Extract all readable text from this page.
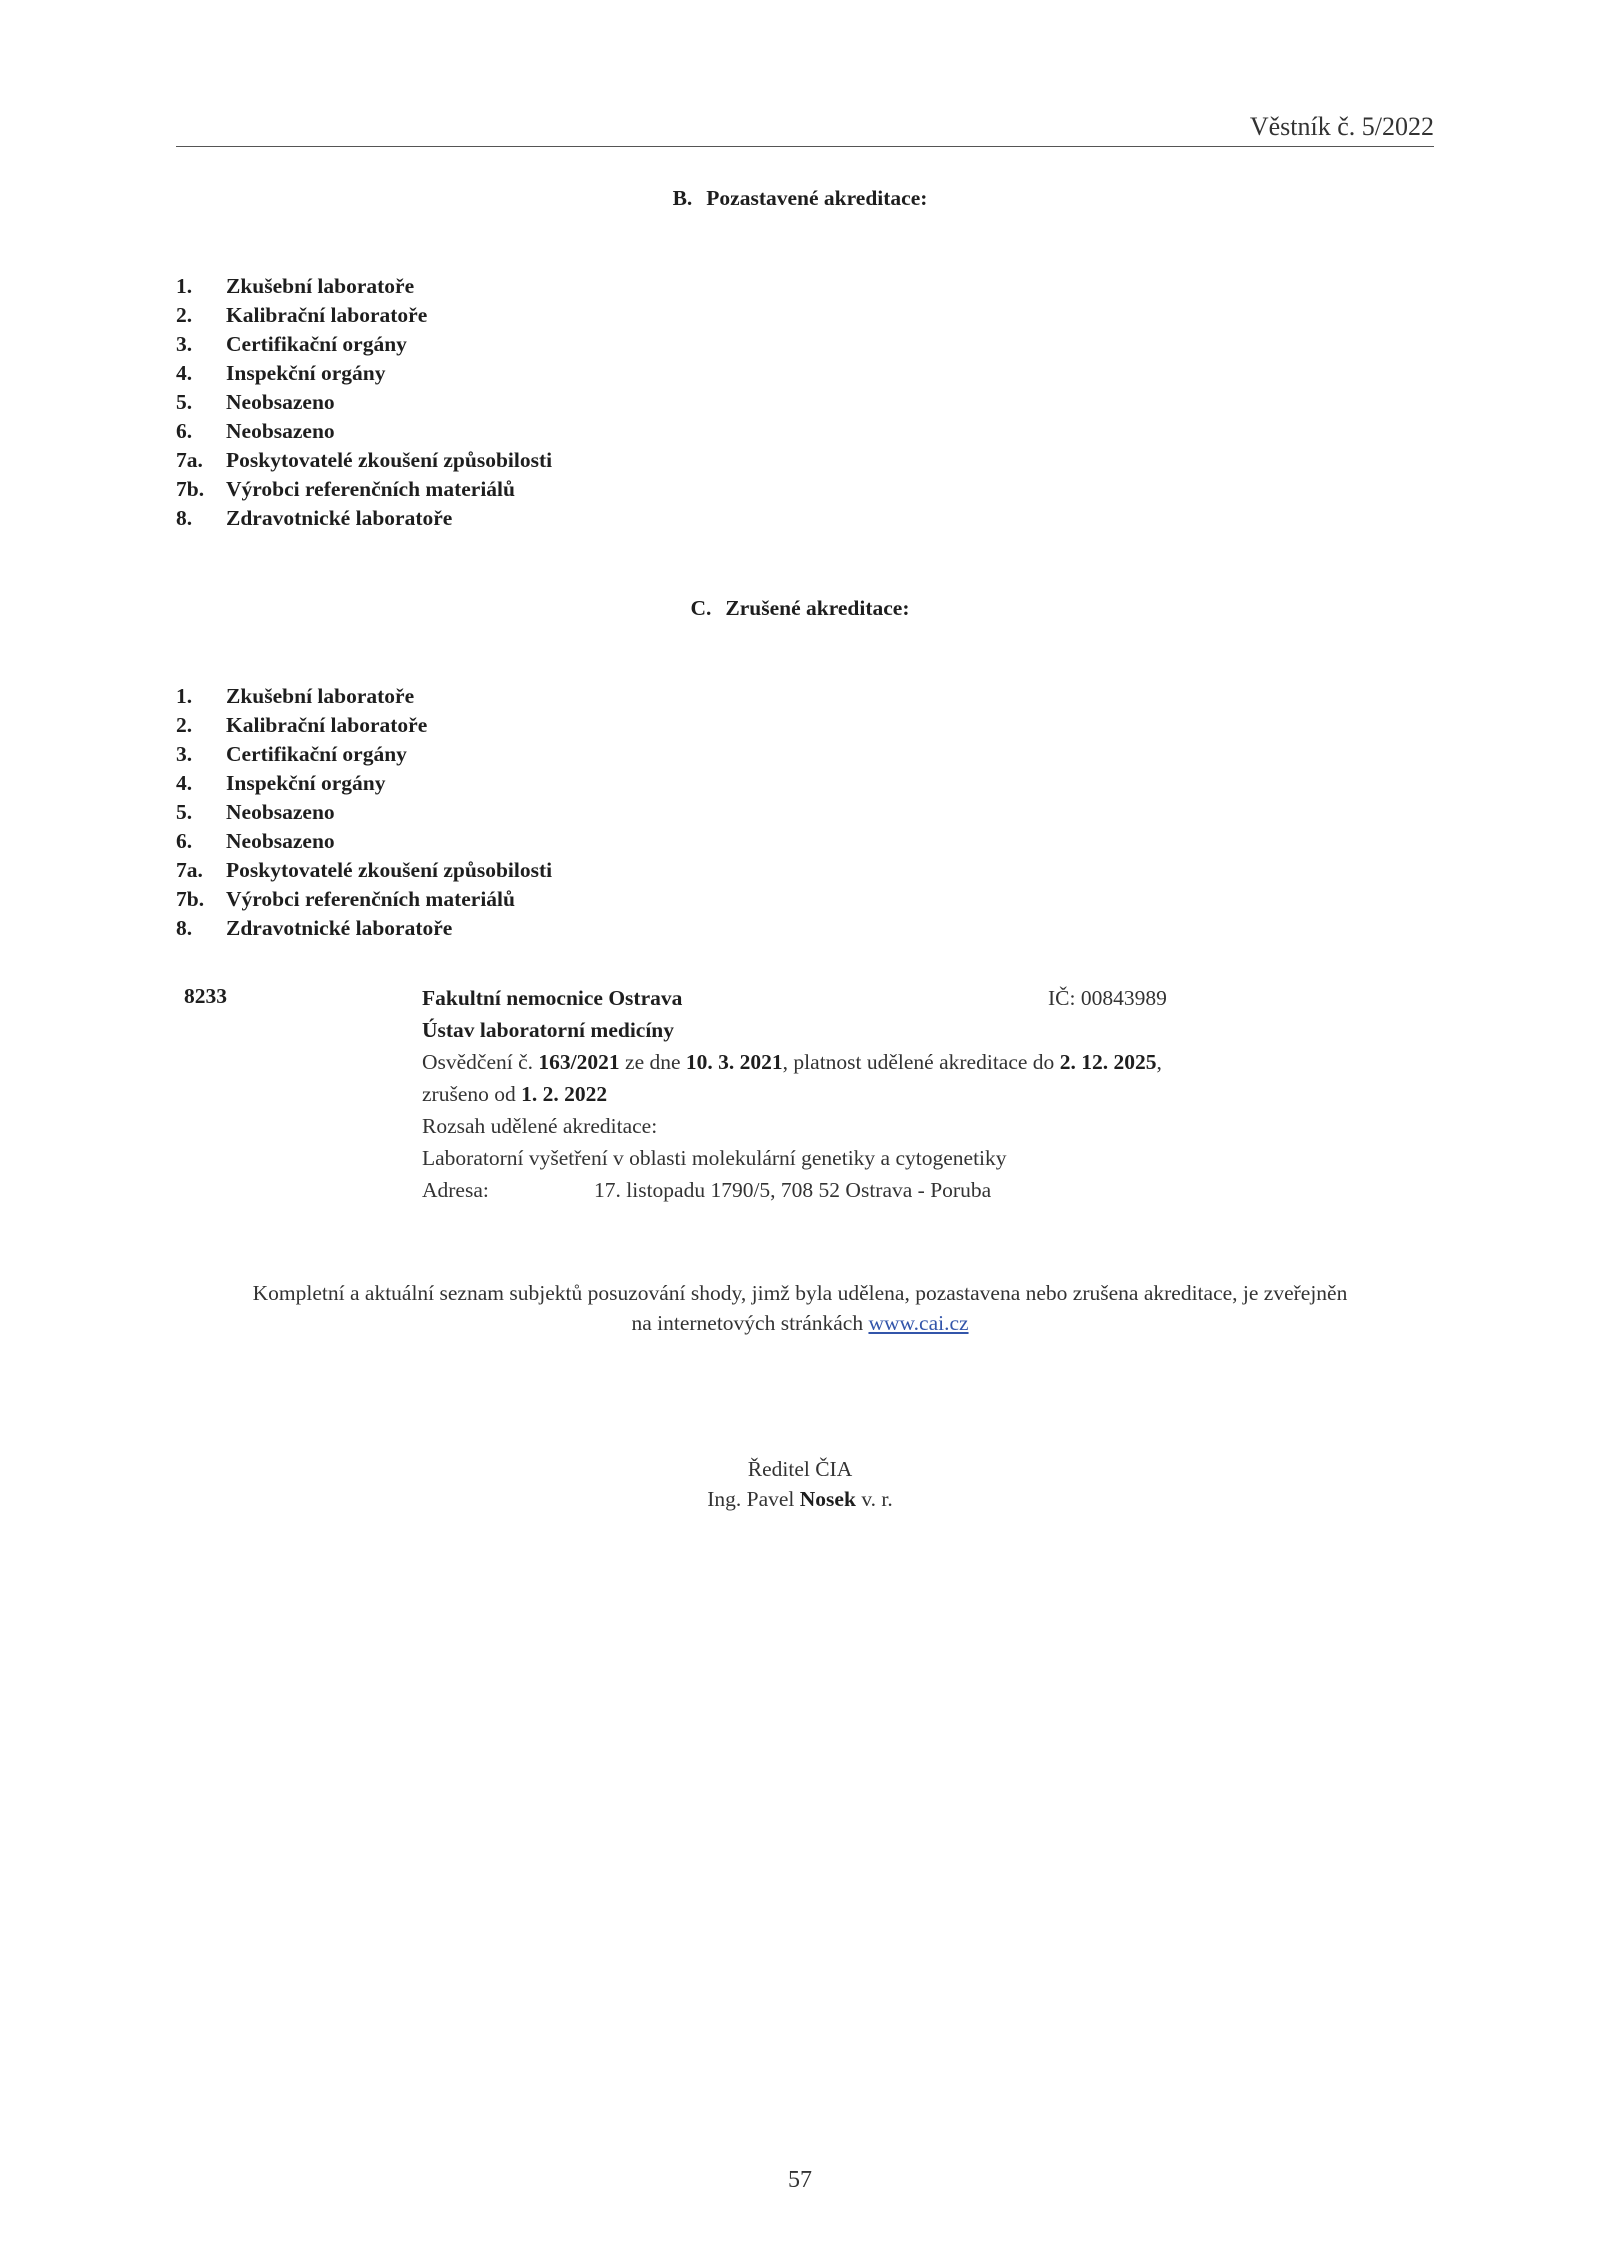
Věstník č. 5/2022
B. Pozastavené akreditace:
1. Zkušební laboratoře
2. Kalibrační laboratoře
3. Certifikační orgány
4. Inspekční orgány
5. Neobsazeno
6. Neobsazeno
7a. Poskytovatelé zkoušení způsobilosti
7b. Výrobci referenčních materiálů
8. Zdravotnické laboratoře
C. Zrušené akreditace:
1. Zkušební laboratoře
2. Kalibrační laboratoře
3. Certifikační orgány
4. Inspekční orgány
5. Neobsazeno
6. Neobsazeno
7a. Poskytovatelé zkoušení způsobilosti
7b. Výrobci referenčních materiálů
8. Zdravotnické laboratoře
8233	IČ: 00843989
Fakultní nemocnice Ostrava
Ústav laboratorní medicíny
Osvědčení č. 163/2021 ze dne 10. 3. 2021, platnost udělené akreditace do 2. 12. 2025,
zrušeno od 1. 2. 2022
Rozsah udělené akreditace:
Laboratorní vyšetření v oblasti molekulární genetiky a cytogenetiky
Adresa:	17. listopadu 1790/5, 708 52 Ostrava - Poruba
Kompletní a aktuální seznam subjektů posuzování shody, jimž byla udělena, pozastavena nebo zrušena akreditace, je zveřejněn
na internetových stránkách www.cai.cz
Ředitel ČIA
Ing. Pavel Nosek v. r.
57
